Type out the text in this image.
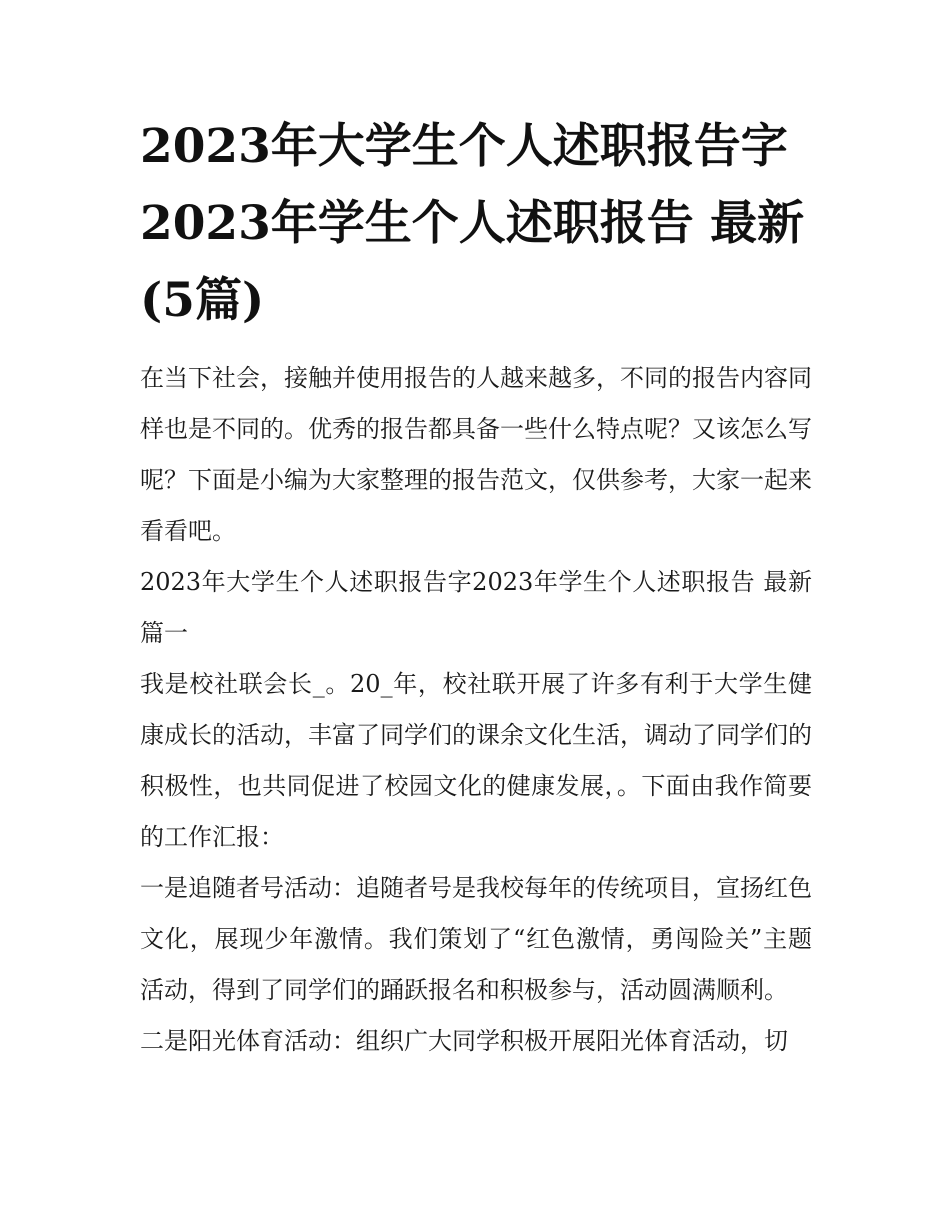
2023年大学生个人述职报告字2023年学生个人述职报告 最新(5篇)

在当下社会，接触并使用报告的人越来越多，不同的报告内容同样也是不同的。优秀的报告都具备一些什么特点呢？又该怎么写呢？下面是小编为大家整理的报告范文，仅供参考，大家一起来看看吧。

2023年大学生个人述职报告字2023年学生个人述职报告 最新篇一

我是校社联会长_。20_年，校社联开展了许多有利于大学生健康成长的活动，丰富了同学们的课余文化生活，调动了同学们的积极性，也共同促进了校园文化的健康发展，。下面由我作简要的工作汇报：

一是追随者号活动：追随者号是我校每年的传统项目，宣扬红色文化，展现少年激情。我们策划了“红色激情，勇闯险关”主题活动，得到了同学们的踊跃报名和积极参与，活动圆满顺利。

二是阳光体育活动：组织广大同学积极开展阳光体育活动，切
